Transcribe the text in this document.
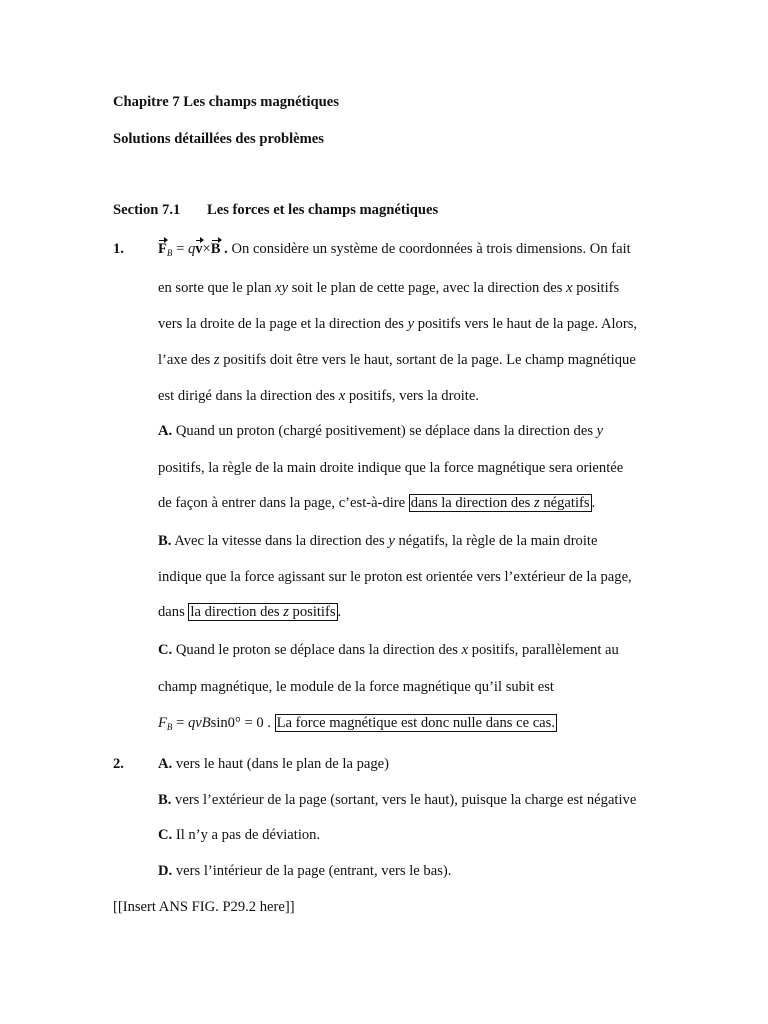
Chapitre 7 Les champs magnétiques
Solutions détaillées des problèmes
Section 7.1 Les forces et les champs magnétiques
1. $F_B = qv\times B$ . On considère un système de coordonnées à trois dimensions. On fait
en sorte que le plan xy soit le plan de cette page, avec la direction des x positifs
vers la droite de la page et la direction des y positifs vers le haut de la page. Alors,
l’axe des z positifs doit être vers le haut, sortant de la page. Le champ magnétique
est dirigé dans la direction des x positifs, vers la droite.
A. Quand un proton (chargé positivement) se déplace dans la direction des y
positifs, la règle de la main droite indique que la force magnétique sera orientée
de façon à entrer dans la page, c’est-à-dire dans la direction des z négatifs .
B. Avec la vitesse dans la direction des y négatifs, la règle de la main droite
indique que la force agissant sur le proton est orientée vers l’extérieur de la page,
dans la direction des z positifs .
C. Quand le proton se déplace dans la direction des x positifs, parallèlement au
champ magnétique, le module de la force magnétique qu’il subit est
$F_B = qvBsin0^\circ = 0$ . La force magnétique est donc nulle dans ce cas.
2. A. vers le haut (dans le plan de la page)
B. vers l’extérieur de la page (sortant, vers le haut), puisque la charge est négative
C. Il n’y a pas de déviation.
D. vers l’intérieur de la page (entrant, vers le bas).
[[Insert ANS FIG. P29.2 here]]
